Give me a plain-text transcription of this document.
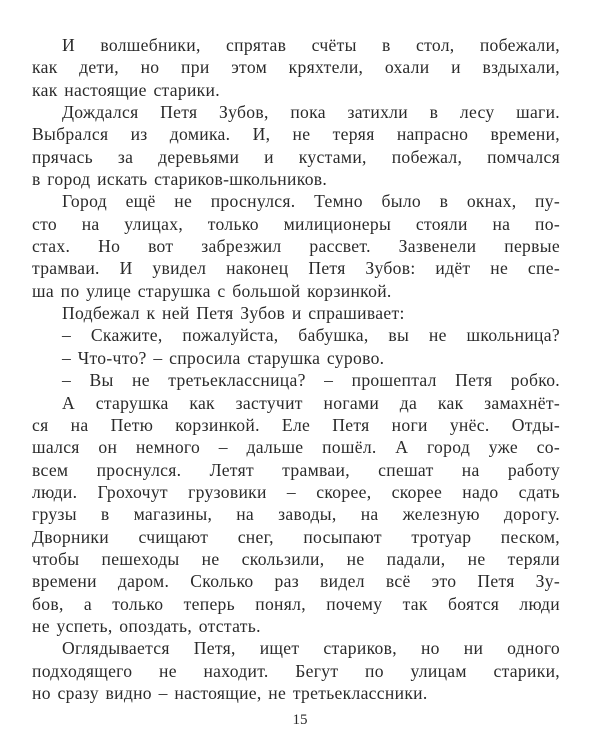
И волшебники, спрятав счёты в стол, побежали,
как дети, но при этом кряхтели, охали и вздыхали,
как настоящие старики.
Дождался Петя Зубов, пока затихли в лесу шаги.
Выбрался из домика. И, не теряя напрасно времени,
прячась за деревьями и кустами, побежал, помчался
в город искать стариков-школьников.
Город ещё не проснулся. Темно было в окнах, пу-
сто на улицах, только милиционеры стояли на по-
стах. Но вот забрезжил рассвет. Зазвенели первые
трамваи. И увидел наконец Петя Зубов: идёт не спе-
ша по улице старушка с большой корзинкой.
Подбежал к ней Петя Зубов и спрашивает:
– Скажите, пожалуйста, бабушка, вы не школьница?
– Что-что? – спросила старушка сурово.
– Вы не третьеклассница? – прошептал Петя робко.
А старушка как застучит ногами да как замахнёт-
ся на Петю корзинкой. Еле Петя ноги унёс. Отды-
шался он немного – дальше пошёл. А город уже со-
всем проснулся. Летят трамваи, спешат на работу
люди. Грохочут грузовики – скорее, скорее надо сдать
грузы в магазины, на заводы, на железную дорогу.
Дворники счищают снег, посыпают тротуар песком,
чтобы пешеходы не скользили, не падали, не теряли
времени даром. Сколько раз видел всё это Петя Зу-
бов, а только теперь понял, почему так боятся люди
не успеть, опоздать, отстать.
Оглядывается Петя, ищет стариков, но ни одного
подходящего не находит. Бегут по улицам старики,
но сразу видно – настоящие, не третьеклассники.
15
